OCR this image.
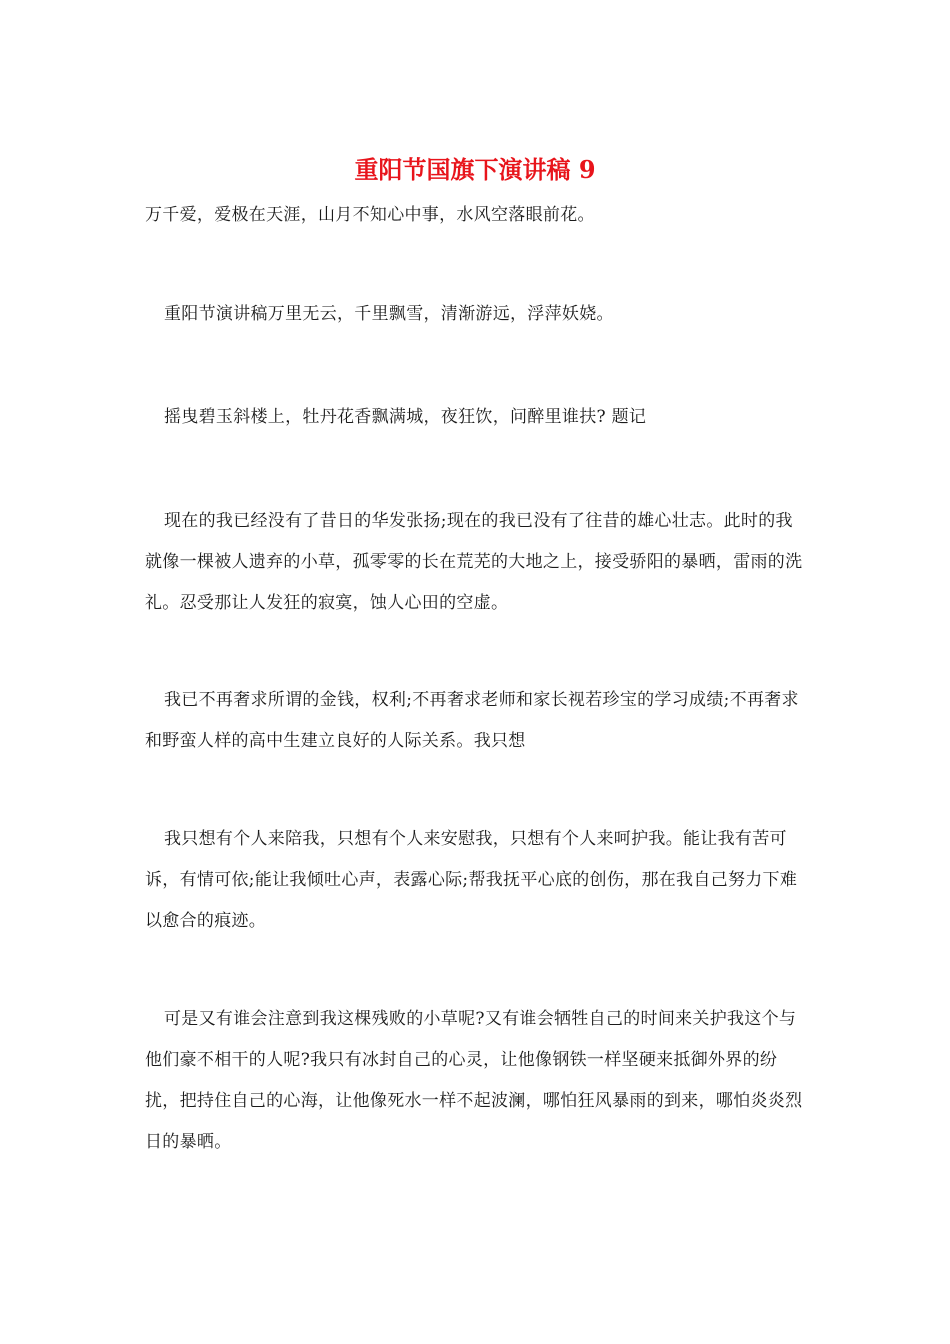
重阳节国旗下演讲稿 9

万千爱，爱极在天涯，山月不知心中事，水风空落眼前花。

重阳节演讲稿万里无云，千里飘雪，清渐游远，浮萍妖娆。

摇曳碧玉斜楼上，牡丹花香飘满城，夜狂饮，问醉里谁扶? 题记

现在的我已经没有了昔日的华发张扬;现在的我已没有了往昔的雄心壮志。此时的我就像一棵被人遗弃的小草，孤零零的长在荒芜的大地之上，接受骄阳的暴晒，雷雨的洗礼。忍受那让人发狂的寂寞，蚀人心田的空虚。

我已不再奢求所谓的金钱，权利;不再奢求老师和家长视若珍宝的学习成绩;不再奢求和野蛮人样的高中生建立良好的人际关系。我只想

我只想有个人来陪我，只想有个人来安慰我，只想有个人来呵护我。能让我有苦可诉，有情可依;能让我倾吐心声，表露心际;帮我抚平心底的创伤，那在我自己努力下难以愈合的痕迹。

可是又有谁会注意到我这棵残败的小草呢?又有谁会牺牲自己的时间来关护我这个与他们豪不相干的人呢?我只有冰封自己的心灵，让他像钢铁一样坚硬来抵御外界的纷扰，把持住自己的心海，让他像死水一样不起波澜，哪怕狂风暴雨的到来，哪怕炎炎烈日的暴晒。
